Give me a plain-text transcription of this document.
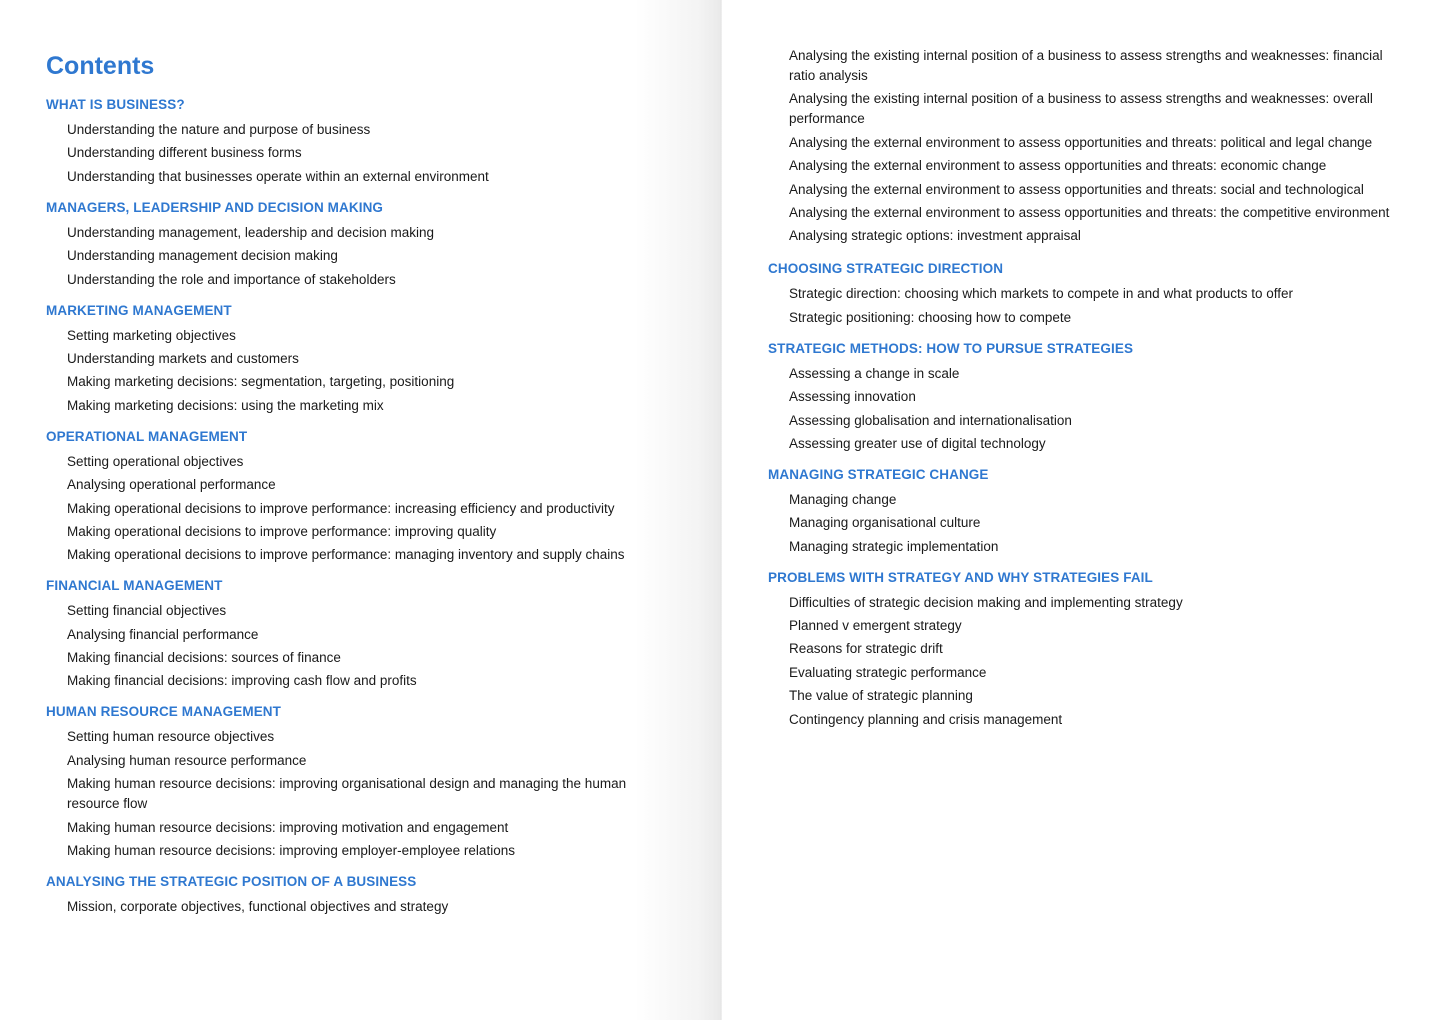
Contents
WHAT IS BUSINESS?
Understanding the nature and purpose of business
Understanding different business forms
Understanding that businesses operate within an external environment
MANAGERS, LEADERSHIP AND DECISION MAKING
Understanding management, leadership and decision making
Understanding management decision making
Understanding the role and importance of stakeholders
MARKETING MANAGEMENT
Setting marketing objectives
Understanding markets and customers
Making marketing decisions: segmentation, targeting, positioning
Making marketing decisions: using the marketing mix
OPERATIONAL MANAGEMENT
Setting operational objectives
Analysing operational performance
Making operational decisions to improve performance: increasing efficiency and productivity
Making operational decisions to improve performance: improving quality
Making operational decisions to improve performance: managing inventory and supply chains
FINANCIAL MANAGEMENT
Setting financial objectives
Analysing financial performance
Making financial decisions: sources of finance
Making financial decisions: improving cash flow and profits
HUMAN RESOURCE MANAGEMENT
Setting human resource objectives
Analysing human resource performance
Making human resource decisions: improving organisational design and managing the human resource flow
Making human resource decisions: improving motivation and engagement
Making human resource decisions: improving employer-employee relations
ANALYSING THE STRATEGIC POSITION OF A BUSINESS
Mission, corporate objectives, functional objectives and strategy
Analysing the existing internal position of a business to assess strengths and weaknesses: financial ratio analysis
Analysing the existing internal position of a business to assess strengths and weaknesses: overall performance
Analysing the external environment to assess opportunities and threats: political and legal change
Analysing the external environment to assess opportunities and threats: economic change
Analysing the external environment to assess opportunities and threats: social and technological
Analysing the external environment to assess opportunities and threats: the competitive environment
Analysing strategic options: investment appraisal
CHOOSING STRATEGIC DIRECTION
Strategic direction: choosing which markets to compete in and what products to offer
Strategic positioning: choosing how to compete
STRATEGIC METHODS: HOW TO PURSUE STRATEGIES
Assessing a change in scale
Assessing innovation
Assessing globalisation and internationalisation
Assessing greater use of digital technology
MANAGING STRATEGIC CHANGE
Managing change
Managing organisational culture
Managing strategic implementation
PROBLEMS WITH STRATEGY AND WHY STRATEGIES FAIL
Difficulties of strategic decision making and implementing strategy
Planned v emergent strategy
Reasons for strategic drift
Evaluating strategic performance
The value of strategic planning
Contingency planning and crisis management
